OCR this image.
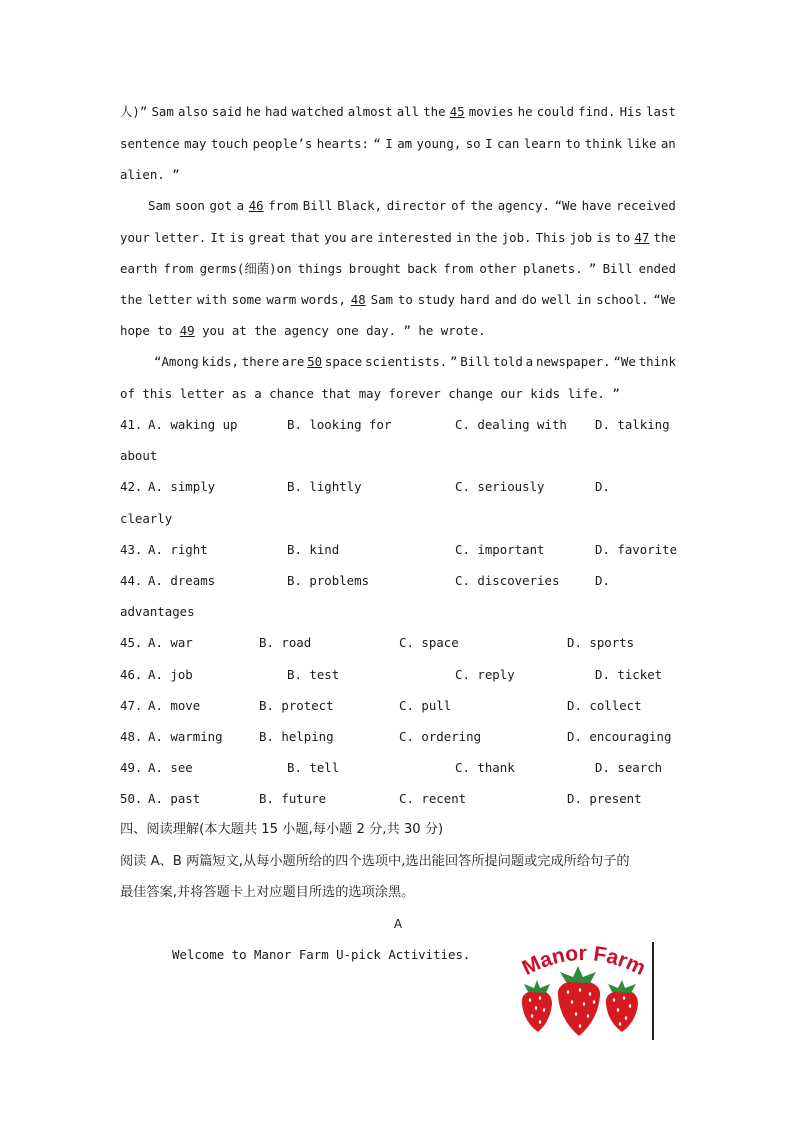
人)” Sam also said he had watched almost all the 45 movies he could find. His last
sentence may touch people’s hearts: “ I am young, so I can learn to think like an
alien. ”
Sam soon got a 46 from Bill Black, director of the agency. “We have received
your letter. It is great that you are interested in the job. This job is to 47 the
earth from germs(细菌)on things brought back from other planets. ” Bill ended
the letter with some warm words, 48 Sam to study hard and do well in school. “We
hope to 49 you at the agency one day. ” he wrote.
“Among kids, there are 50 space scientists. ” Bill told a newspaper. “We think
of this letter as a chance that may forever change our kids life. ”
41. A. waking up	B. looking for	C. dealing with D. talking
about
42. A. simply	B. lightly	C. seriously	D.
clearly
43. A. right	B. kind	C. important	D. favorite
44. A. dreams	B. problems	C. discoveries	D.
advantages
45. A. war	B. road	C. space	D. sports
46. A. job	B. test	C. reply	D. ticket
47. A. move	B. protect	C. pull	D. collect
48. A. warming	B. helping	C. ordering	D. encouraging
49. A. see	B. tell	C. thank	D. search
50. A. past	B. future	C. recent	D. present
四、阅读理解(本大题共 15 小题,每小题 2 分,共 30 分)
阅读 A、B 两篇短文,从每小题所给的四个选项中,选出能回答所提问题或完成所给句子的
最佳答案,并将答题卡上对应题目所选的选项涂黑。
A
Welcome to Manor Farm U-pick Activities. Manor Farm
